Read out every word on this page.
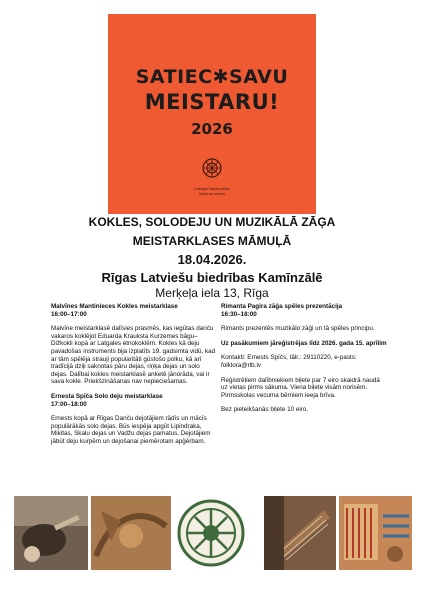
SATIEC✱SAVU
MEISTARU!
2026
Latvijas Nacionālais
kultūras centrs
KOKLES, SOLODEJU UN MUZIKĀLĀ ZĀĢA
MEISTARKLASES MĀMUĻĀ
18.04.2026.
Rīgas Latviešu biedrības Kamīnzālē
Merķeļa iela 13, Rīga

Malvīnes Mantinieces Kokles meistarklase
16:00–17:00

Malvīne meistarklasē dalīsies prasmēs, kas iegūtas danču vakaros koklējot Eduarda Krauksta Kurzemes bāgu–Dižkokli kopā ar Latgales etnokoklēm. Kokles kā deju pavadošas instruments bija izplatīts 19. gadsimta vidū, kad ar tām spēlēja strauji popularitāti gūstošo polku, kā arī tradīcijā dziļi saknotas pāru dejas, riņķa dejas un solo dejas. Dalībai kokles meistarklasē anketē jānorāda, vai ir sava kokle. Priekšzināšanas nav nepieciešamas.

Ernesta Spīča Solo deju meistarklase
17:00–18:00

Ernests kopā ar Rīgas Danču dejotājiem rādīs un mācīs populārākās solo dejas. Būs iespēja apgūt Lipindraka, Mikitas, Skalu dejas un Vadžu dejas pamatus. Dejotājiem jābūt deju kurpēm un dejošanai piemērotam apģērbam.

Rimanta Pagira zāģa spēles prezentācija
16:30–18:00

Rimants prezentēs muzikālo zāģi un tā spēles principu.

Uz pasākumiem jāreģistrējas līdz 2026. gada 15. aprīlim

Kontakti: Ernests Spīčs, tālr.: 29110220, e-pasts: folklora@rlb.lv

Reģistrētiem dalībniekiem biļete par 7 eiro skaidrā naudā uz vietas pirms sākuma. Viena biļete visām norisēm. Pirmsskolas vecuma bērniem ieeja brīva.

Bez pieteikšanās biļete 10 eiro.
